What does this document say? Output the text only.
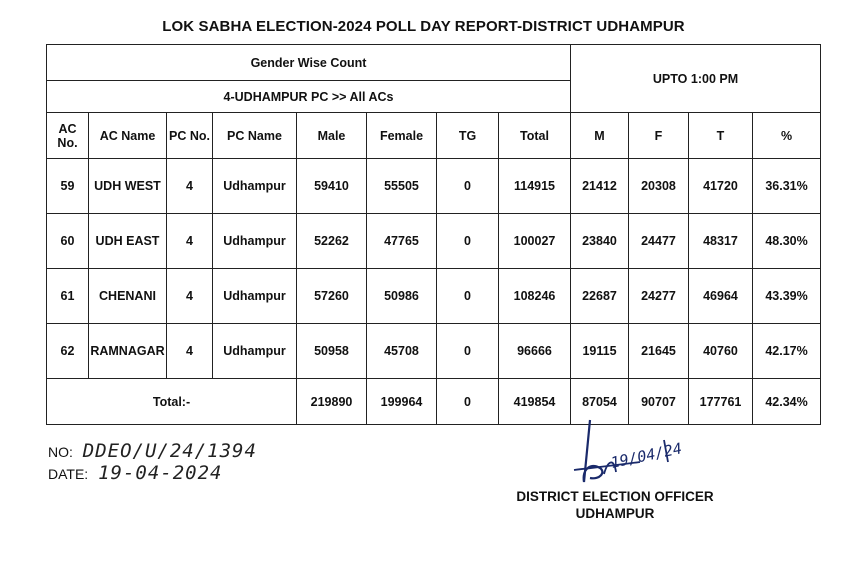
LOK SABHA ELECTION-2024 POLL DAY REPORT-DISTRICT UDHAMPUR
Gender Wise Count								UPTO 1:00 PM			
4-UDHAMPUR PC >> All ACs											
AC No.	AC Name	PC No.	PC Name	Male	Female	TG	Total	M	F	T	%
59	UDH WEST	4	Udhampur	59410	55505	0	114915	21412	20308	41720	36.31%
60	UDH EAST	4	Udhampur	52262	47765	0	100027	23840	24477	48317	48.30%
61	CHENANI	4	Udhampur	57260	50986	0	108246	22687	24277	46964	43.39%
62	RAMNAGAR	4	Udhampur	50958	45708	0	96666	19115	21645	40760	42.17%
Total:-				219890	199964	0	419854	87054	90707	177761	42.34%
NO: DDEO/U/24/1394
DATE: 19-04-2024
19/04/24
DISTRICT ELECTION OFFICER
UDHAMPUR
